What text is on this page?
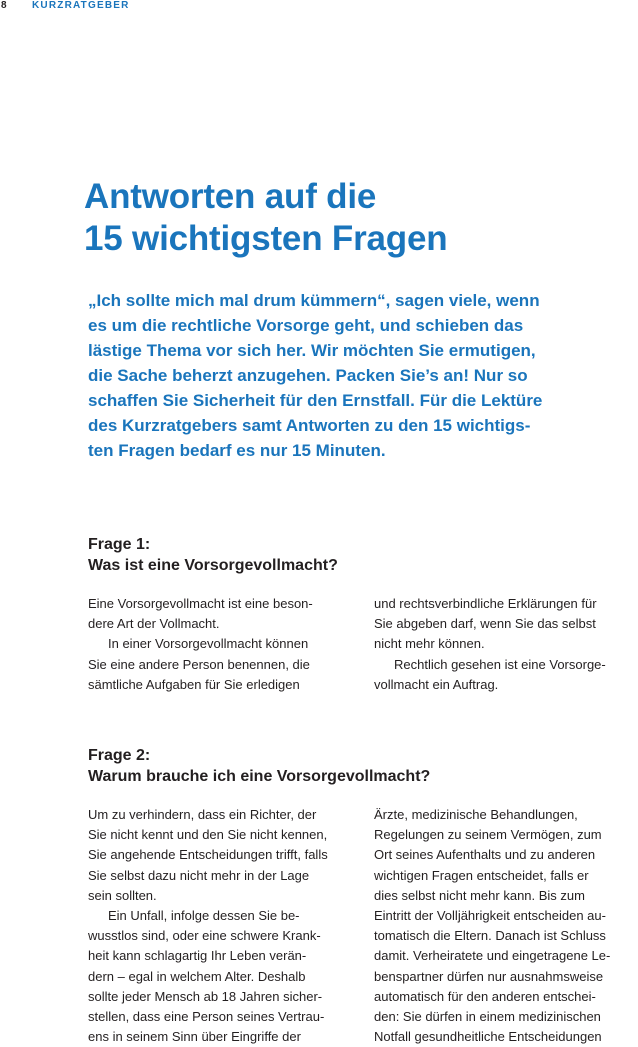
8 KURZRATGEBER
Antworten auf die
15 wichtigsten Fragen
„Ich sollte mich mal drum kümmern“, sagen viele, wenn
es um die rechtliche Vorsorge geht, und schieben das
lästige Thema vor sich her. Wir möchten Sie ermutigen,
die Sache beherzt anzugehen. Packen Sie’s an! Nur so
schaffen Sie Sicherheit für den Ernstfall. Für die Lektüre
des Kurzratgebers samt Antworten zu den 15 wichtigs-
ten Fragen bedarf es nur 15 Minuten.
Frage 1:
Was ist eine Vorsorgevollmacht?
Eine Vorsorgevollmacht ist eine beson-
dere Art der Vollmacht.
In einer Vorsorgevollmacht können
Sie eine andere Person benennen, die
sämtliche Aufgaben für Sie erledigen
und rechtsverbindliche Erklärungen für
Sie abgeben darf, wenn Sie das selbst
nicht mehr können.
Rechtlich gesehen ist eine Vorsorge-
vollmacht ein Auftrag.
Frage 2:
Warum brauche ich eine Vorsorgevollmacht?
Um zu verhindern, dass ein Richter, der
Sie nicht kennt und den Sie nicht kennen,
Sie angehende Entscheidungen trifft, falls
Sie selbst dazu nicht mehr in der Lage
sein sollten.
Ein Unfall, infolge dessen Sie be-
wusstlos sind, oder eine schwere Krank-
heit kann schlagartig Ihr Leben verän-
dern – egal in welchem Alter. Deshalb
sollte jeder Mensch ab 18 Jahren sicher-
stellen, dass eine Person seines Vertrau-
ens in seinem Sinn über Eingriffe der
Ärzte, medizinische Behandlungen,
Regelungen zu seinem Vermögen, zum
Ort seines Aufenthalts und zu anderen
wichtigen Fragen entscheidet, falls er
dies selbst nicht mehr kann. Bis zum
Eintritt der Volljährigkeit entscheiden au-
tomatisch die Eltern. Danach ist Schluss
damit. Verheiratete und eingetragene Le-
benspartner dürfen nur ausnahmsweise
automatisch für den anderen entschei-
den: Sie dürfen in einem medizinischen
Notfall gesundheitliche Entscheidungen
